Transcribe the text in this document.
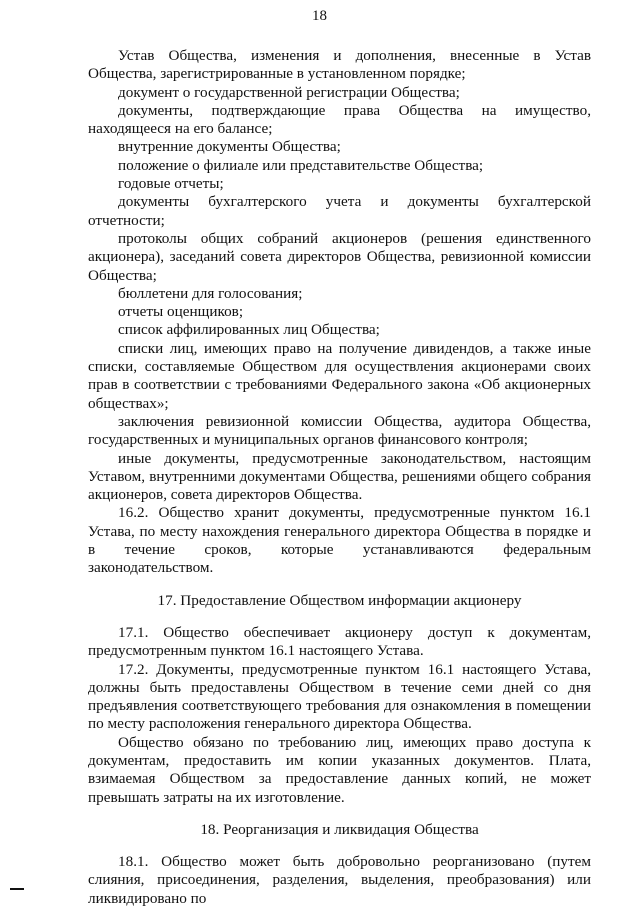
18

Устав Общества, изменения и дополнения, внесенные в Устав Общества, зарегистрированные в установленном порядке;

документ о государственной регистрации Общества;

документы, подтверждающие права Общества на имущество, находящееся на его балансе;

внутренние документы Общества;

положение о филиале или представительстве Общества;

годовые отчеты;

документы бухгалтерского учета и документы бухгалтерской отчетности;

протоколы общих собраний акционеров (решения единственного акционера), заседаний совета директоров Общества, ревизионной комиссии Общества;

бюллетени для голосования;

отчеты оценщиков;

список аффилированных лиц Общества;

списки лиц, имеющих право на получение дивидендов, а также иные списки, составляемые Обществом для осуществления акционерами своих прав в соответствии с требованиями Федерального закона «Об акционерных обществах»;

заключения ревизионной комиссии Общества, аудитора Общества, государственных и муниципальных органов финансового контроля;

иные документы, предусмотренные законодательством, настоящим Уставом, внутренними документами Общества, решениями общего собрания акционеров, совета директоров Общества.

16.2. Общество хранит документы, предусмотренные пунктом 16.1 Устава, по месту нахождения генерального директора Общества в порядке и в течение сроков, которые устанавливаются федеральным законодательством.

17. Предоставление Обществом информации акционеру

17.1. Общество обеспечивает акционеру доступ к документам, предусмотренным пунктом 16.1 настоящего Устава.

17.2. Документы, предусмотренные пунктом 16.1 настоящего Устава, должны быть предоставлены Обществом в течение семи дней со дня предъявления соответствующего требования для ознакомления в помещении по месту расположения генерального директора Общества.

Общество обязано по требованию лиц, имеющих право доступа к документам, предоставить им копии указанных документов. Плата, взимаемая Обществом за предоставление данных копий, не может превышать затраты на их изготовление.

18. Реорганизация и ликвидация Общества

18.1. Общество может быть добровольно реорганизовано (путем слияния, присоединения, разделения, выделения, преобразования) или ликвидировано по
